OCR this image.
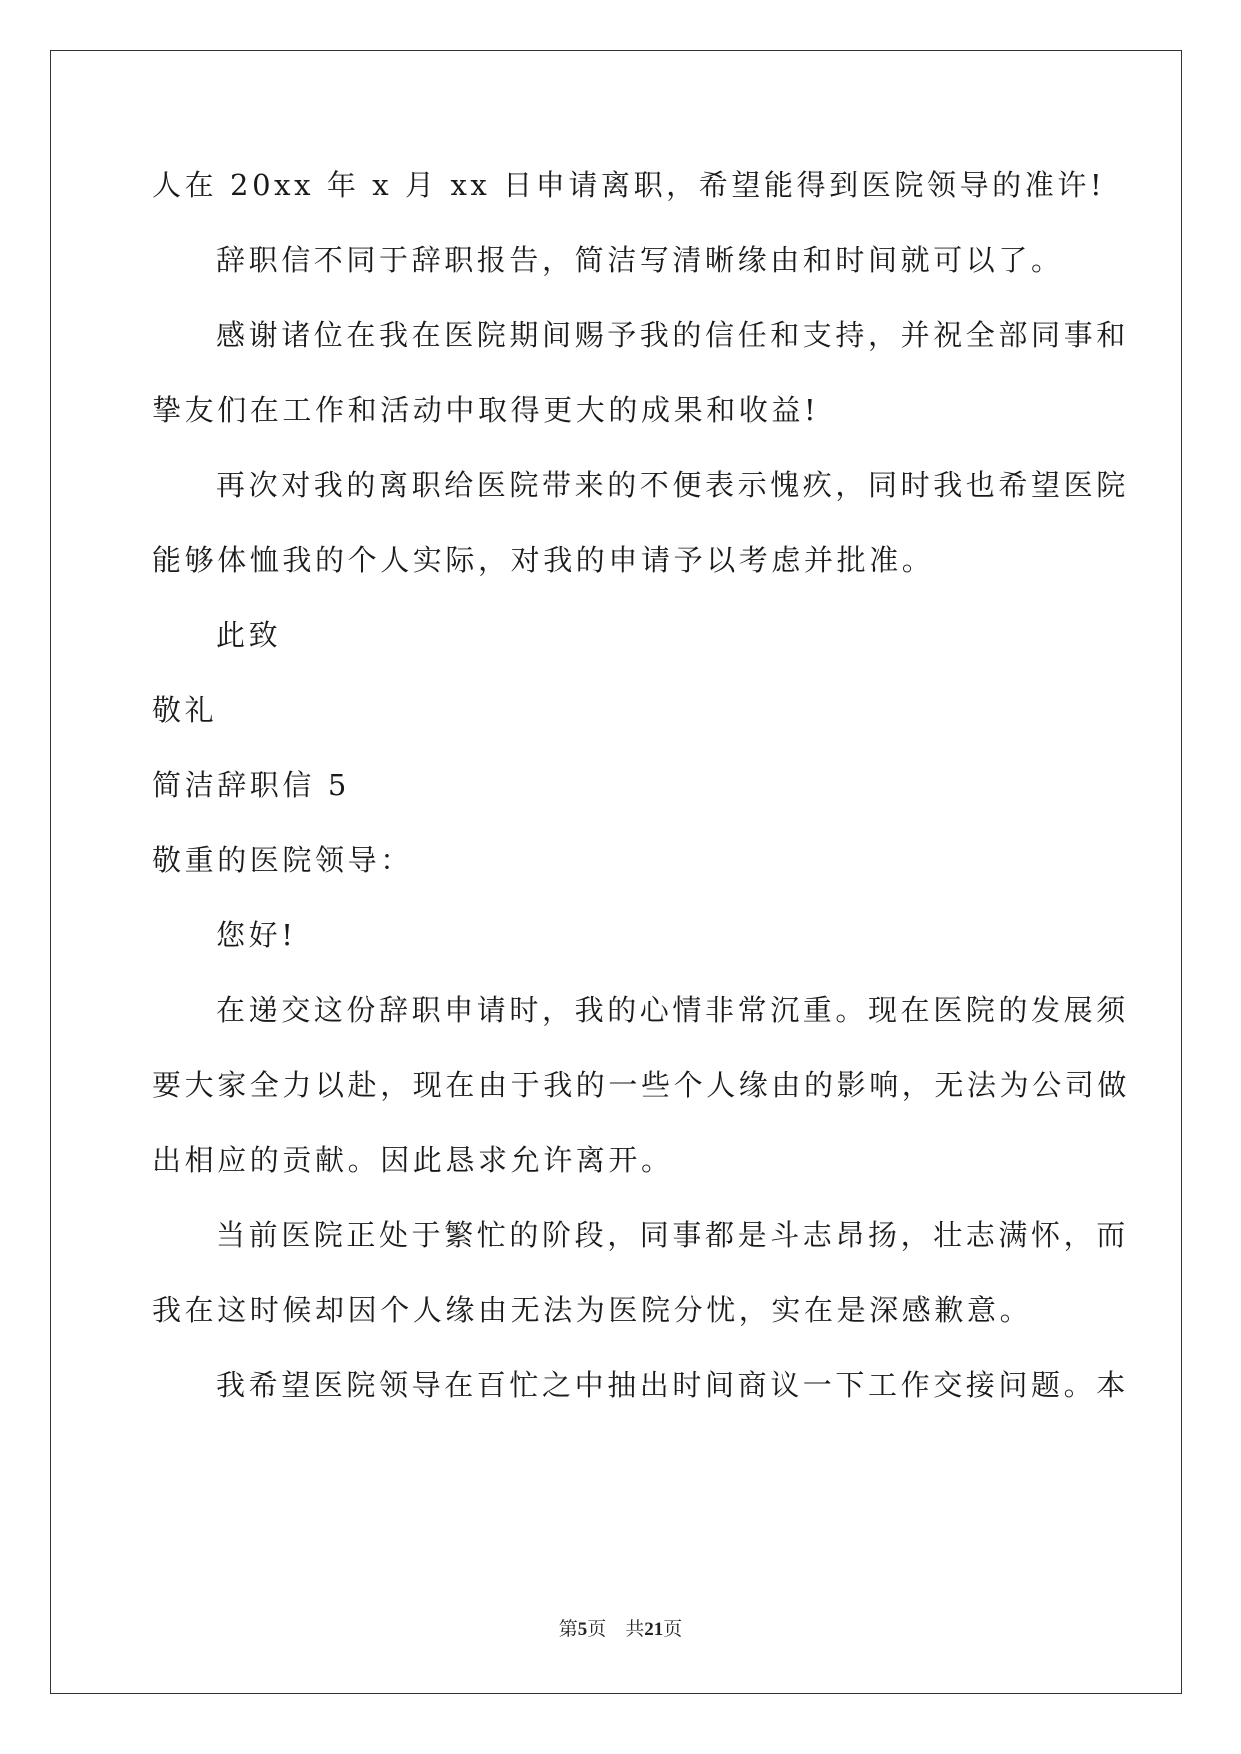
人在 20xx 年 x 月 xx 日申请离职，希望能得到医院领导的准许!
辞职信不同于辞职报告，简洁写清晰缘由和时间就可以了。
感谢诸位在我在医院期间赐予我的信任和支持，并祝全部同事和
挚友们在工作和活动中取得更大的成果和收益!
再次对我的离职给医院带来的不便表示愧疚，同时我也希望医院
能够体恤我的个人实际，对我的申请予以考虑并批准。
此致
敬礼
简洁辞职信 5
敬重的医院领导：
您好!
在递交这份辞职申请时，我的心情非常沉重。现在医院的发展须
要大家全力以赴，现在由于我的一些个人缘由的影响，无法为公司做
出相应的贡献。因此恳求允许离开。
当前医院正处于繁忙的阶段，同事都是斗志昂扬，壮志满怀，而
我在这时候却因个人缘由无法为医院分忧，实在是深感歉意。
我希望医院领导在百忙之中抽出时间商议一下工作交接问题。本
第5页　共21页
